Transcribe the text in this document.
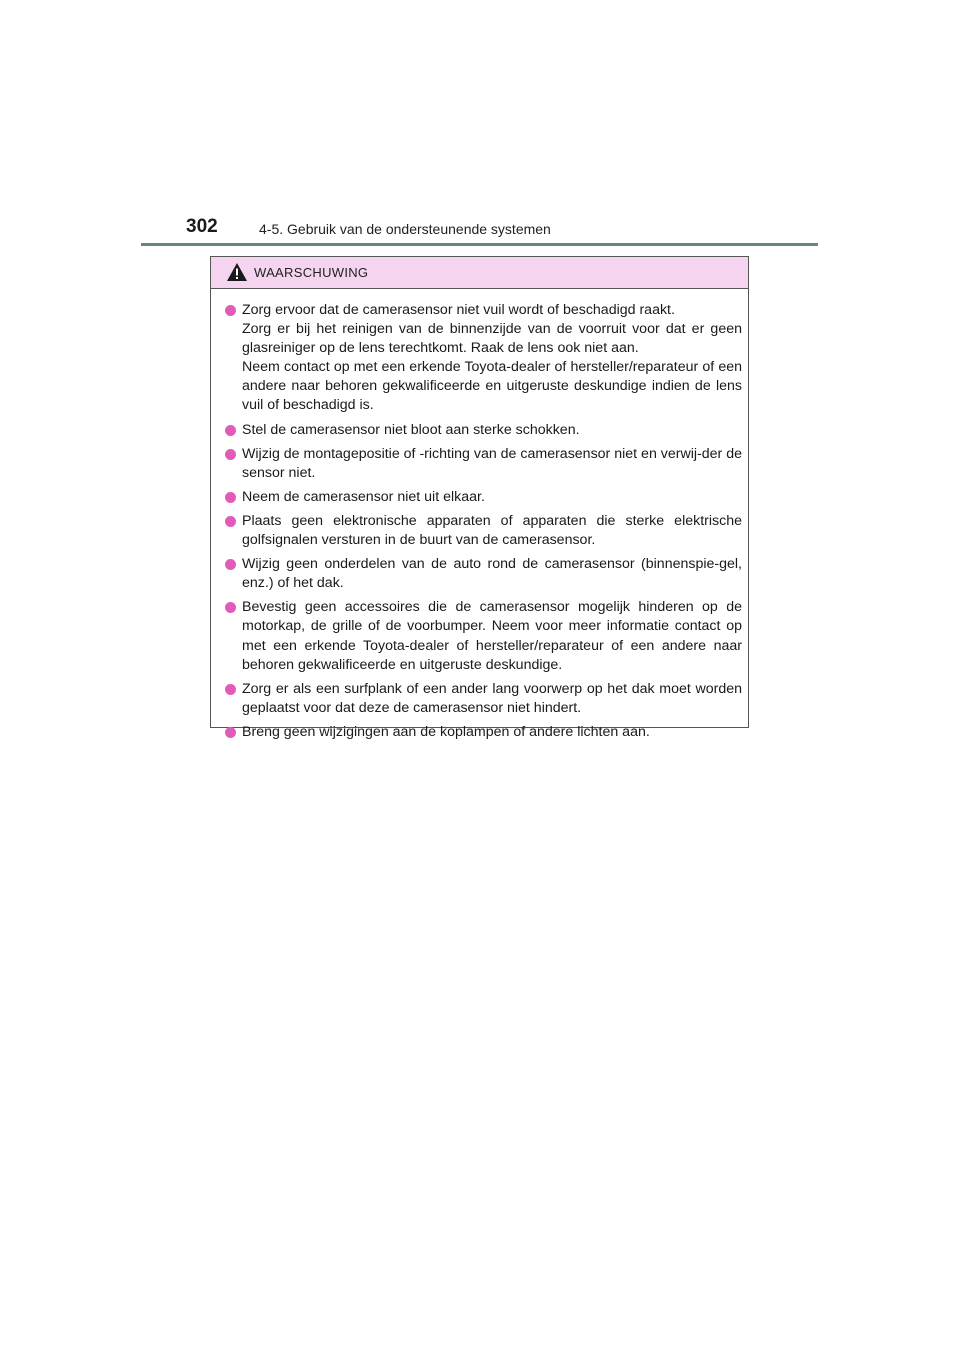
302	4-5. Gebruik van de ondersteunende systemen
WAARSCHUWING
Zorg ervoor dat de camerasensor niet vuil wordt of beschadigd raakt.
Zorg er bij het reinigen van de binnenzijde van de voorruit voor dat er geen glasreiniger op de lens terechtkomt. Raak de lens ook niet aan.
Neem contact op met een erkende Toyota-dealer of hersteller/reparateur of een andere naar behoren gekwalificeerde en uitgeruste deskundige indien de lens vuil of beschadigd is.
Stel de camerasensor niet bloot aan sterke schokken.
Wijzig de montagepositie of -richting van de camerasensor niet en verwij-der de sensor niet.
Neem de camerasensor niet uit elkaar.
Plaats geen elektronische apparaten of apparaten die sterke elektrische golfsignalen versturen in de buurt van de camerasensor.
Wijzig geen onderdelen van de auto rond de camerasensor (binnenspie-gel, enz.) of het dak.
Bevestig geen accessoires die de camerasensor mogelijk hinderen op de motorkap, de grille of de voorbumper. Neem voor meer informatie contact op met een erkende Toyota-dealer of hersteller/reparateur of een andere naar behoren gekwalificeerde en uitgeruste deskundige.
Zorg er als een surfplank of een ander lang voorwerp op het dak moet worden geplaatst voor dat deze de camerasensor niet hindert.
Breng geen wijzigingen aan de koplampen of andere lichten aan.
